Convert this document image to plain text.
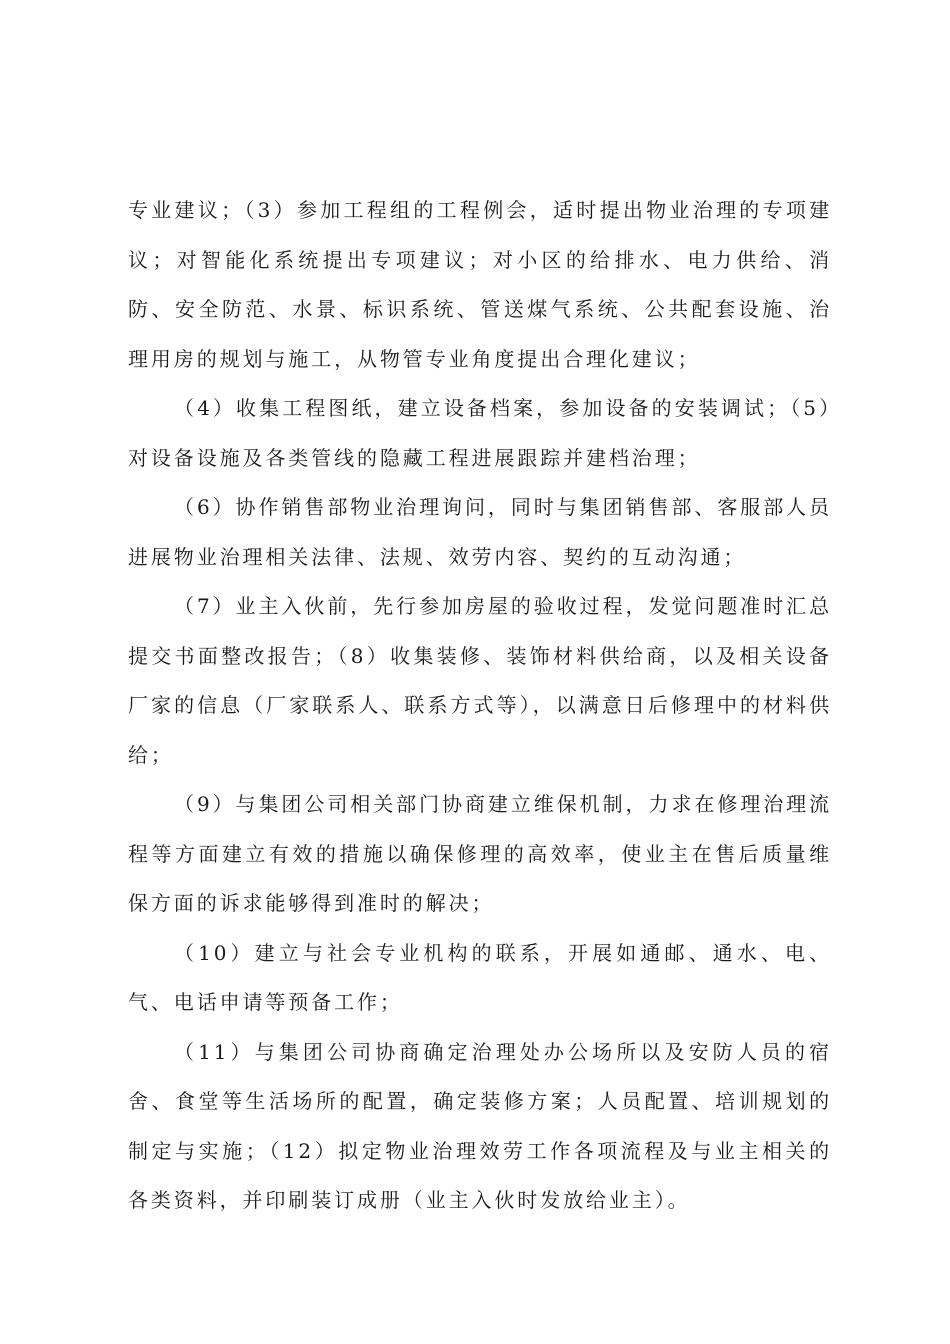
专业建议；（3）参加工程组的工程例会，适时提出物业治理的专项建议；对智能化系统提出专项建议；对小区的给排水、电力供给、消防、安全防范、水景、标识系统、管送煤气系统、公共配套设施、治理用房的规划与施工，从物管专业角度提出合理化建议；

（4）收集工程图纸，建立设备档案，参加设备的安装调试；（5）对设备设施及各类管线的隐藏工程进展跟踪并建档治理；

（6）协作销售部物业治理询问，同时与集团销售部、客服部人员进展物业治理相关法律、法规、效劳内容、契约的互动沟通；

（7）业主入伙前，先行参加房屋的验收过程，发觉问题准时汇总提交书面整改报告；（8）收集装修、装饰材料供给商，以及相关设备厂家的信息（厂家联系人、联系方式等），以满意日后修理中的材料供给；

（9）与集团公司相关部门协商建立维保机制，力求在修理治理流程等方面建立有效的措施以确保修理的高效率，使业主在售后质量维保方面的诉求能够得到准时的解决；

（10）建立与社会专业机构的联系，开展如通邮、通水、电、气、电话申请等预备工作；

（11）与集团公司协商确定治理处办公场所以及安防人员的宿舍、食堂等生活场所的配置，确定装修方案；人员配置、培训规划的制定与实施；（12）拟定物业治理效劳工作各项流程及与业主相关的各类资料，并印刷装订成册（业主入伙时发放给业主）。
